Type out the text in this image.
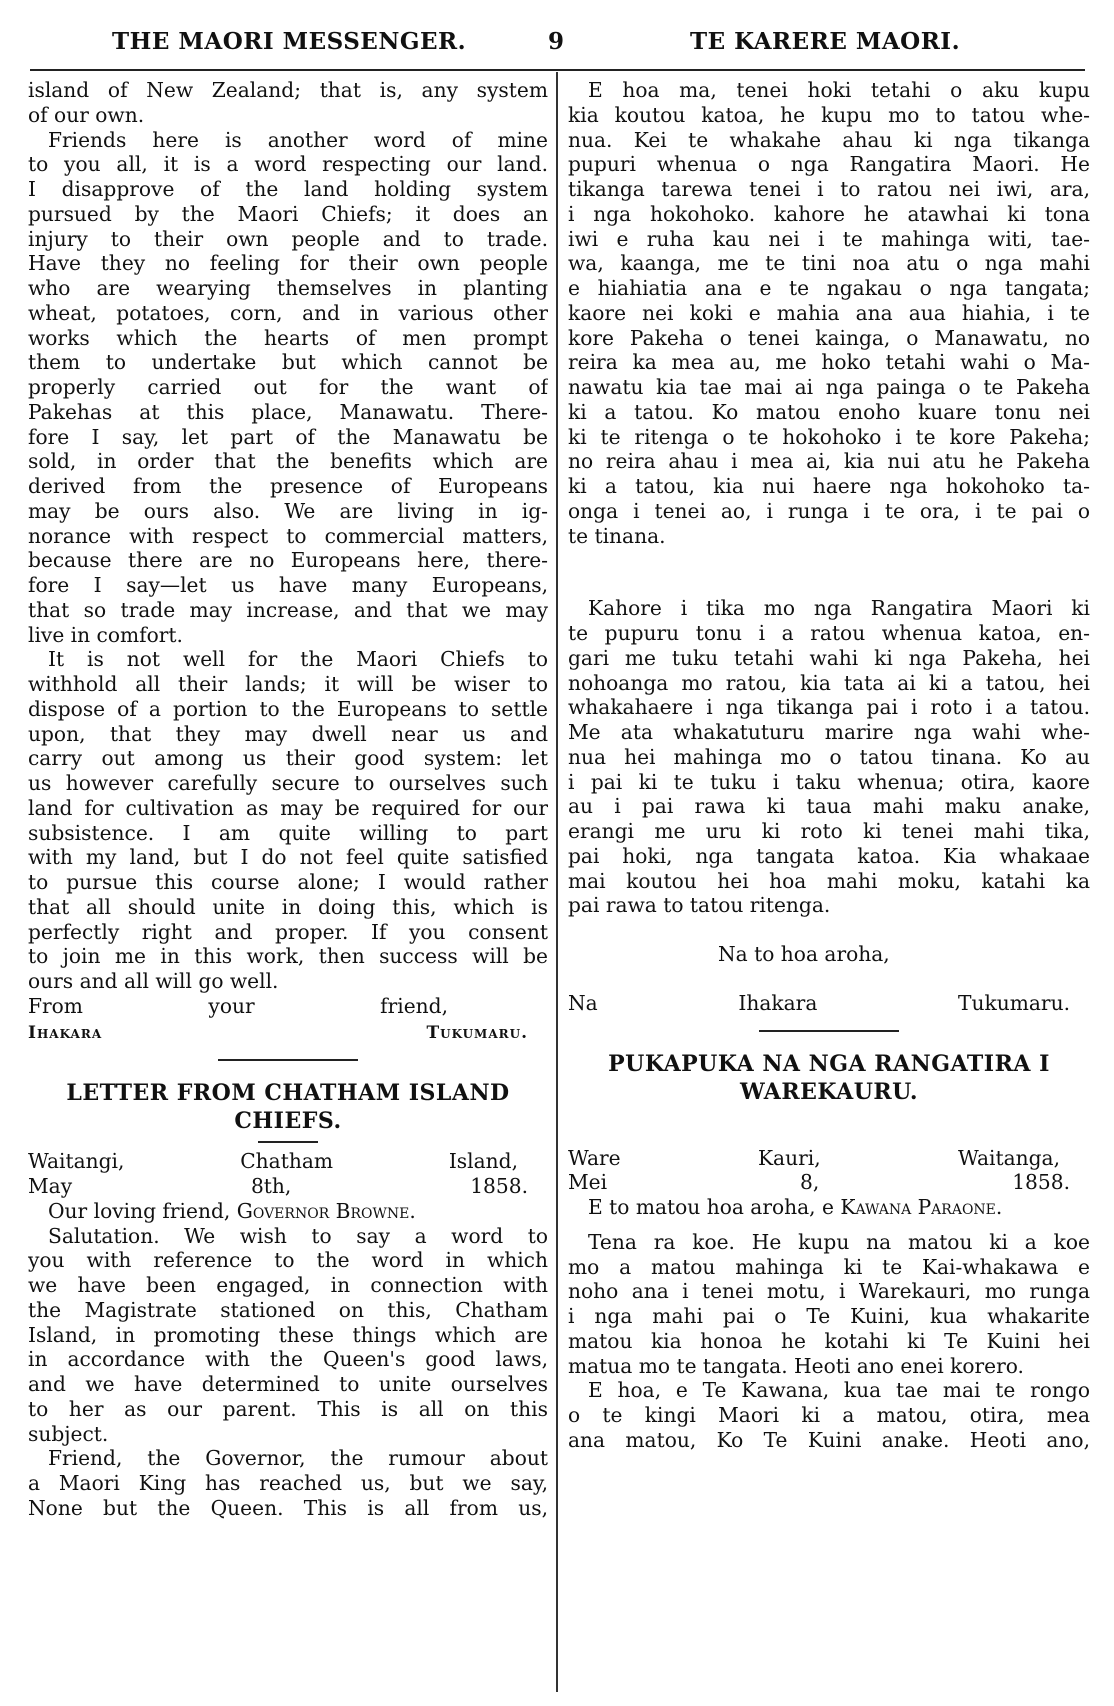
THE MAORI MESSENGER.	9	TE KARERE MAORI.
island of New Zealand; that is, any system
of our own.
Friends here is another word of mine
to you all, it is a word respecting our land.
I disapprove of the land holding system
pursued by the Maori Chiefs; it does an
injury to their own people and to trade.
Have they no feeling for their own people
who are wearying themselves in planting
wheat, potatoes, corn, and in various other
works which the hearts of men prompt
them to undertake but which cannot be
properly carried out for the want of
Pakehas at this place, Manawatu. There-
fore I say, let part of the Manawatu be
sold, in order that the benefits which are
derived from the presence of Europeans
may be ours also. We are living in ig-
norance with respect to commercial matters,
because there are no Europeans here, there-
fore I say—let us have many Europeans,
that so trade may increase, and that we may
live in comfort.
It is not well for the Maori Chiefs to
withhold all their lands; it will be wiser to
dispose of a portion to the Europeans to settle
upon, that they may dwell near us and
carry out among us their good system: let
us however carefully secure to ourselves such
land for cultivation as may be required for our
subsistence. I am quite willing to part
with my land, but I do not feel quite satisfied
to pursue this course alone; I would rather
that all should unite in doing this, which is
perfectly right and proper. If you consent
to join me in this work, then success will be
ours and all will go well.
From your friend,
Ihakara Tukumaru.
LETTER FROM CHATHAM ISLAND
CHIEFS.
Waitangi, Chatham Island,
May 8th, 1858.
Our loving friend, Governor Browne.
Salutation. We wish to say a word to
you with reference to the word in which
we have been engaged, in connection with
the Magistrate stationed on this, Chatham
Island, in promoting these things which are
in accordance with the Queen's good laws,
and we have determined to unite ourselves
to her as our parent. This is all on this
subject.
Friend, the Governor, the rumour about
a Maori King has reached us, but we say,
None but the Queen. This is all from us,
E hoa ma, tenei hoki tetahi o aku kupu
kia koutou katoa, he kupu mo to tatou whe-
nua. Kei te whakahe ahau ki nga tikanga
pupuri whenua o nga Rangatira Maori. He
tikanga tarewa tenei i to ratou nei iwi, ara,
i nga hokohoko. kahore he atawhai ki tona
iwi e ruha kau nei i te mahinga witi, tae-
wa, kaanga, me te tini noa atu o nga mahi
e hiahiatia ana e te ngakau o nga tangata;
kaore nei koki e mahia ana aua hiahia, i te
kore Pakeha o tenei kainga, o Manawatu, no
reira ka mea au, me hoko tetahi wahi o Ma-
nawatu kia tae mai ai nga painga o te Pakeha
ki a tatou. Ko matou enoho kuare tonu nei
ki te ritenga o te hokohoko i te kore Pakeha;
no reira ahau i mea ai, kia nui atu he Pakeha
ki a tatou, kia nui haere nga hokohoko ta-
onga i tenei ao, i runga i te ora, i te pai o
te tinana.
Kahore i tika mo nga Rangatira Maori ki
te pupuru tonu i a ratou whenua katoa, en-
gari me tuku tetahi wahi ki nga Pakeha, hei
nohoanga mo ratou, kia tata ai ki a tatou, hei
whakahaere i nga tikanga pai i roto i a tatou.
Me ata whakatuturu marire nga wahi whe-
nua hei mahinga mo o tatou tinana. Ko au
i pai ki te tuku i taku whenua; otira, kaore
au i pai rawa ki taua mahi maku anake,
erangi me uru ki roto ki tenei mahi tika,
pai hoki, nga tangata katoa. Kia whakaae
mai koutou hei hoa mahi moku, katahi ka
pai rawa to tatou ritenga.
Na to hoa aroha,
Na Ihakara Tukumaru.
PUKAPUKA NA NGA RANGATIRA I
WAREKAURU.
Ware Kauri, Waitanga,
Mei 8, 1858.
E to matou hoa aroha, e Kawana Paraone.
Tena ra koe. He kupu na matou ki a koe
mo a matou mahinga ki te Kai-whakawa e
noho ana i tenei motu, i Warekauri, mo runga
i nga mahi pai o Te Kuini, kua whakarite
matou kia honoa he kotahi ki Te Kuini hei
matua mo te tangata. Heoti ano enei korero.
E hoa, e Te Kawana, kua tae mai te rongo
o te kingi Maori ki a matou, otira, mea
ana matou, Ko Te Kuini anake. Heoti ano,
